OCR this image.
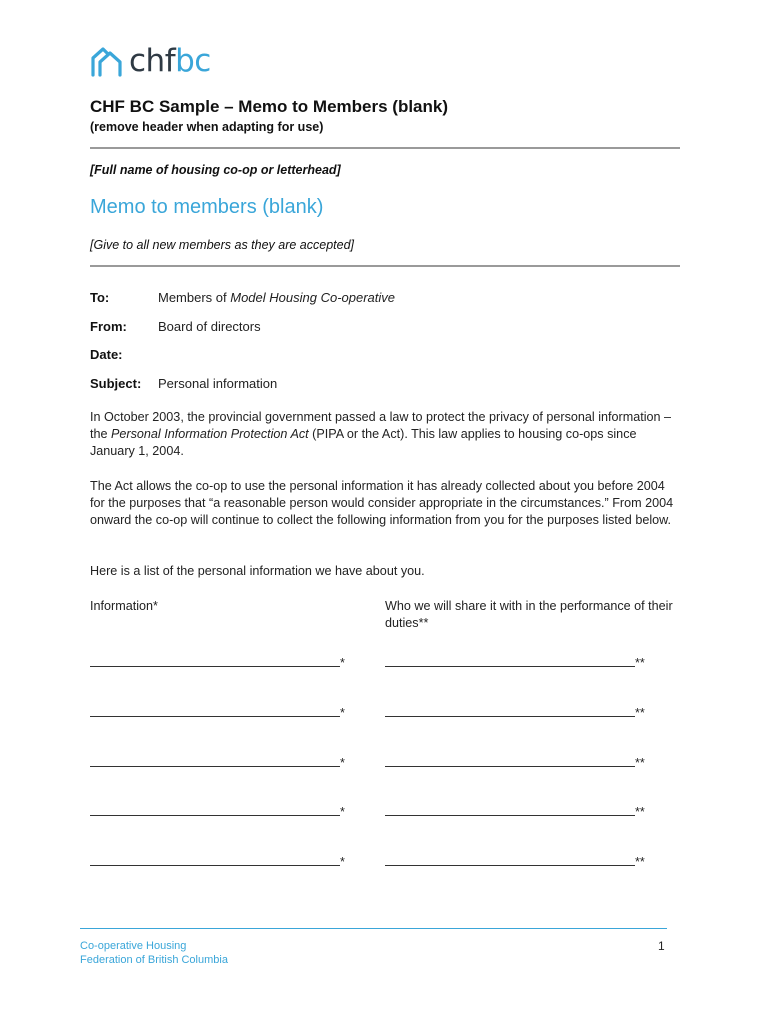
chfbc
CHF BC Sample – Memo to Members (blank)
(remove header when adapting for use)
[Full name of housing co-op or letterhead]
Memo to members (blank)
[Give to all new members as they are accepted]
To:	Members of Model Housing Co-operative
From: Board of directors
Date:
Subject: Personal information
In October 2003, the provincial government passed a law to protect the privacy of personal information – the Personal Information Protection Act (PIPA or the Act). This law applies to housing co-ops since January 1, 2004.
The Act allows the co-op to use the personal information it has already collected about you before 2004 for the purposes that “a reasonable person would consider appropriate in the circumstances.” From 2004 onward the co-op will continue to collect the following information from you for the purposes listed below.
Here is a list of the personal information we have about you.
Information*	Who we will share it with in the performance of their duties**
*	**
*	**
*	**
*	**
*	**
Co-operative Housing
Federation of British Columbia
1
